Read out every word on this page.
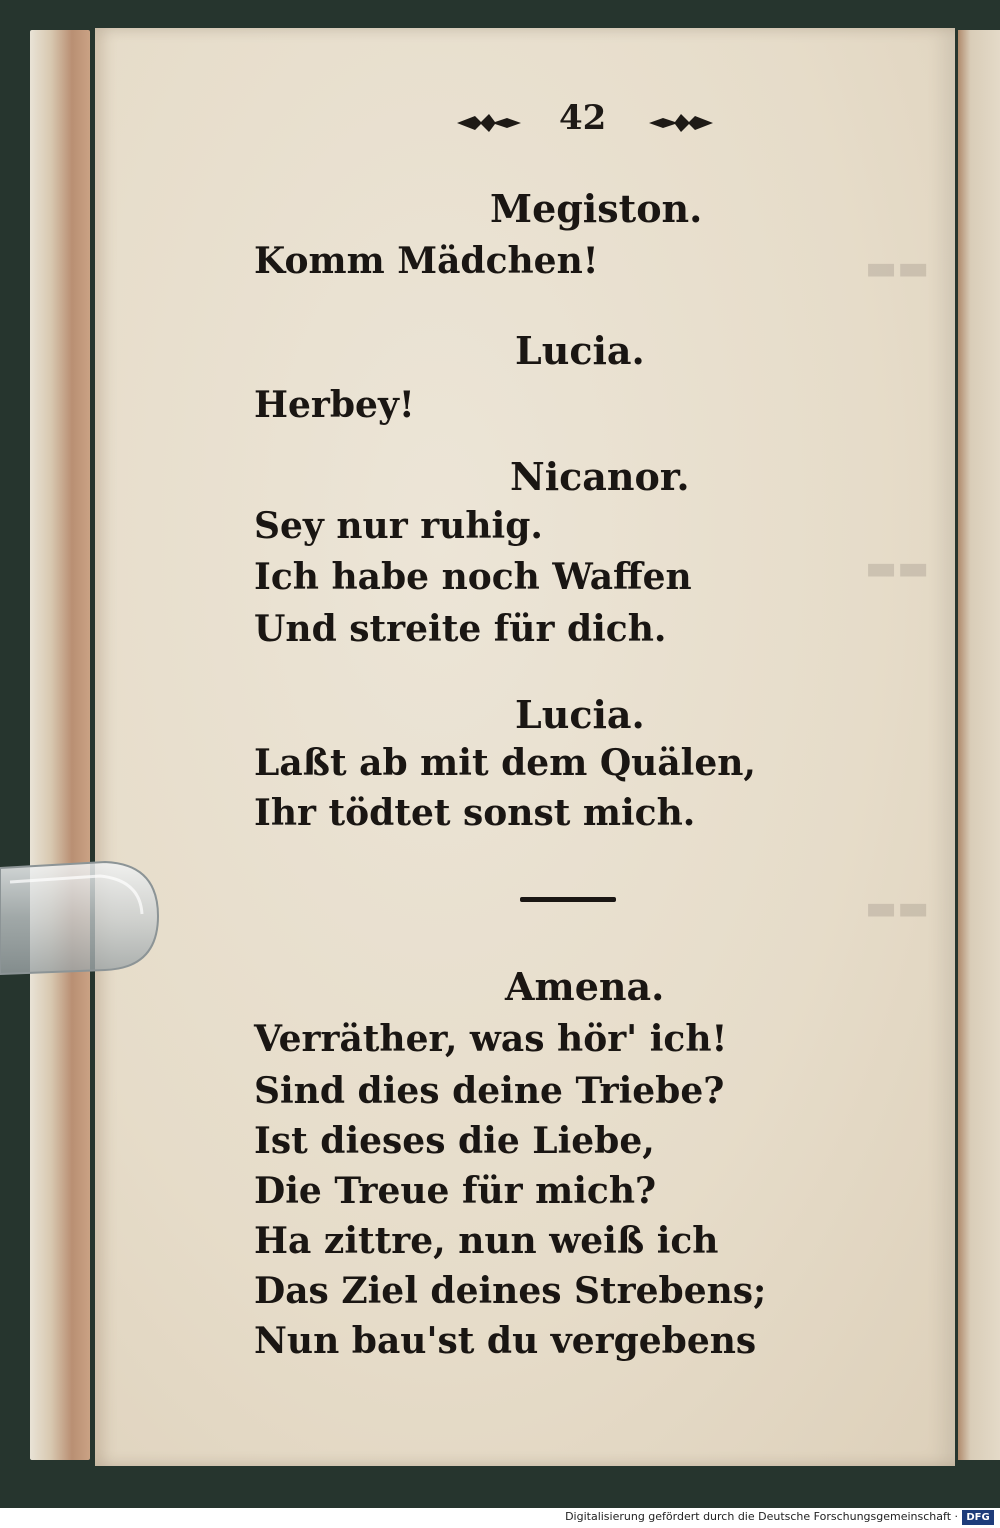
▬▬
▬▬
▬▬
42
Megiston.
Komm Mädchen!
Lucia.
Herbey!
Nicanor.
Sey nur ruhig.
Ich habe noch Waffen
Und streite für dich.
Lucia.
Laßt ab mit dem Quälen,
Ihr tödtet sonst mich.
Amena.
Verräther, was hör' ich!
Sind dies deine Triebe?
Ist dieses die Liebe,
Die Treue für mich?
Ha zittre, nun weiß ich
Das Ziel deines Strebens;
Nun bau'st du vergebens
Digitalisierung gefördert durch die Deutsche Forschungsgemeinschaft · DFG
